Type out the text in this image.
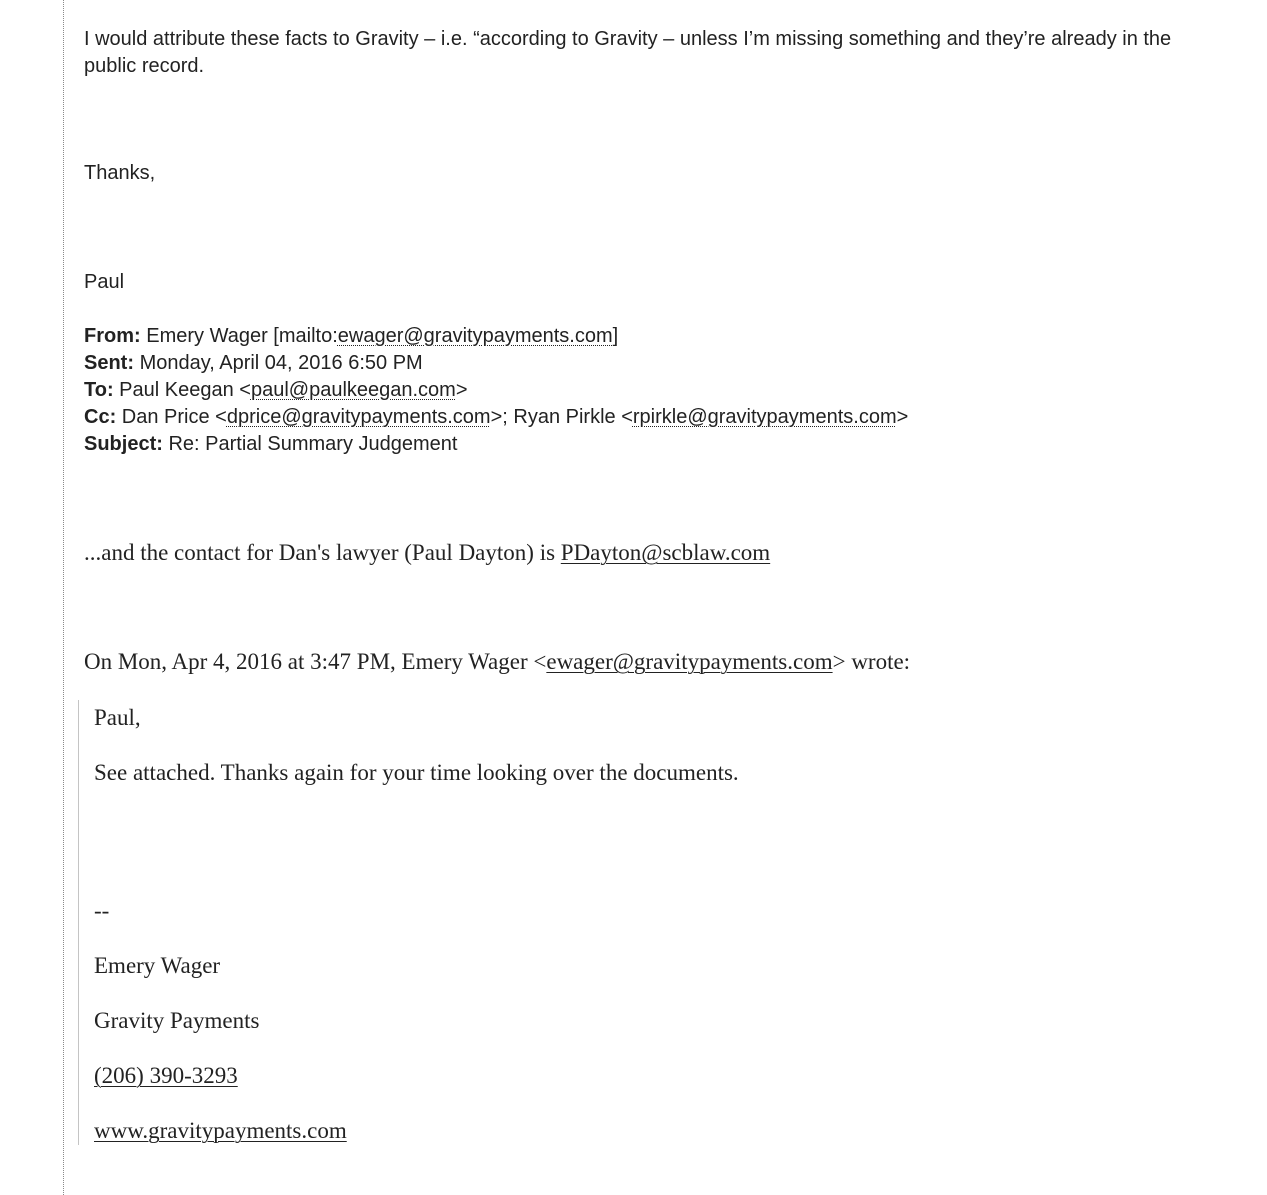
I would attribute these facts to Gravity – i.e. “according to Gravity – unless I’m missing something and they’re already in the public record.

Thanks,

Paul

From: Emery Wager [mailto:ewager@gravitypayments.com]
Sent: Monday, April 04, 2016 6:50 PM
To: Paul Keegan <paul@paulkeegan.com>
Cc: Dan Price <dprice@gravitypayments.com>; Ryan Pirkle <rpirkle@gravitypayments.com>
Subject: Re: Partial Summary Judgement

...and the contact for Dan's lawyer (Paul Dayton) is PDayton@scblaw.com

On Mon, Apr 4, 2016 at 3:47 PM, Emery Wager <ewager@gravitypayments.com> wrote:

Paul,

See attached. Thanks again for your time looking over the documents.

--

Emery Wager

Gravity Payments

(206) 390-3293

www.gravitypayments.com
